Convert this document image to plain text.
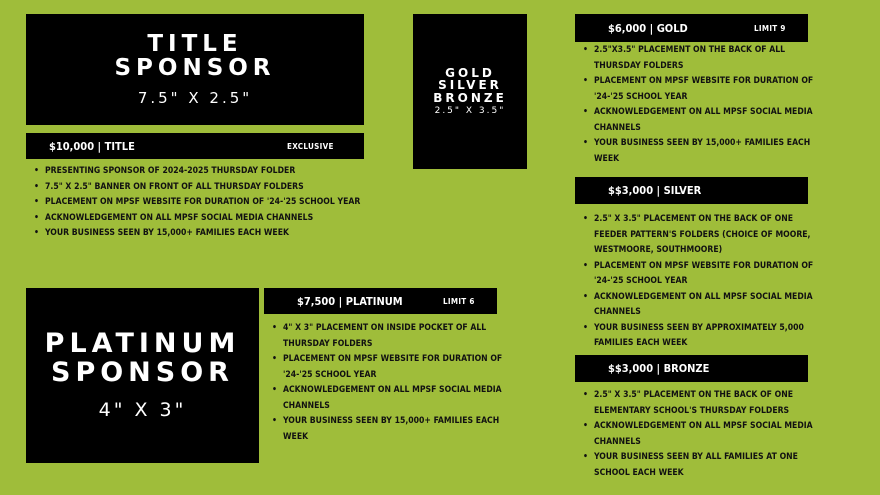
TITLE
SPONSOR
7.5" X 2.5"
$10,000 | TITLE	EXCLUSIVE
• PRESENTING SPONSOR OF 2024-2025 THURSDAY FOLDER
• 7.5" X 2.5" BANNER ON FRONT OF ALL THURSDAY FOLDERS
• PLACEMENT ON MPSF WEBSITE FOR DURATION OF '24-'25 SCHOOL YEAR
• ACKNOWLEDGEMENT ON ALL MPSF SOCIAL MEDIA CHANNELS
• YOUR BUSINESS SEEN BY 15,000+ FAMILIES EACH WEEK
GOLD
SILVER
BRONZE
2.5" X 3.5"
PLATINUM
SPONSOR
4" X 3"
$7,500 | PLATINUM	LIMIT 6
• 4" X 3" PLACEMENT ON INSIDE POCKET OF ALL THURSDAY FOLDERS
• PLACEMENT ON MPSF WEBSITE FOR DURATION OF '24-'25 SCHOOL YEAR
• ACKNOWLEDGEMENT ON ALL MPSF SOCIAL MEDIA CHANNELS
• YOUR BUSINESS SEEN BY 15,000+ FAMILIES EACH WEEK
$6,000 | GOLD	LIMIT 9
• 2.5"X3.5" PLACEMENT ON THE BACK OF ALL THURSDAY FOLDERS
• PLACEMENT ON MPSF WEBSITE FOR DURATION OF '24-'25 SCHOOL YEAR
• ACKNOWLEDGEMENT ON ALL MPSF SOCIAL MEDIA CHANNELS
• YOUR BUSINESS SEEN BY 15,000+ FAMILIES EACH WEEK
$$3,000 | SILVER
• 2.5" X 3.5" PLACEMENT ON THE BACK OF ONE FEEDER PATTERN'S FOLDERS (CHOICE OF MOORE, WESTMOORE, SOUTHMOORE)
• PLACEMENT ON MPSF WEBSITE FOR DURATION OF '24-'25 SCHOOL YEAR
• ACKNOWLEDGEMENT ON ALL MPSF SOCIAL MEDIA CHANNELS
• YOUR BUSINESS SEEN BY APPROXIMATELY 5,000 FAMILIES EACH WEEK
$$3,000 | BRONZE
• 2.5" X 3.5" PLACEMENT ON THE BACK OF ONE ELEMENTARY SCHOOL'S THURSDAY FOLDERS
• ACKNOWLEDGEMENT ON ALL MPSF SOCIAL MEDIA CHANNELS
• YOUR BUSINESS SEEN BY ALL FAMILIES AT ONE SCHOOL EACH WEEK
